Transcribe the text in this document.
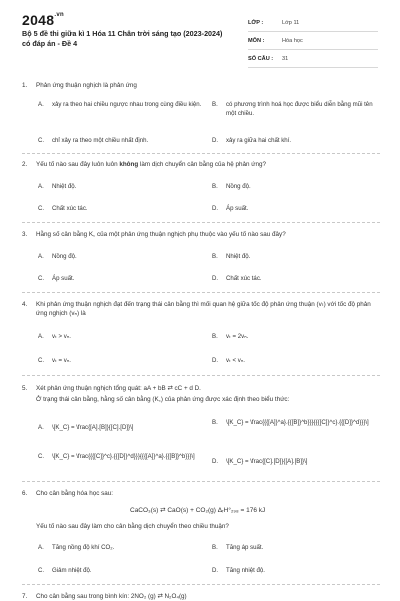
$2048^{.vn}$
Bộ 5 đề thi giữa kì 1 Hóa 11 Chân trời sáng tạo (2023-2024) có đáp án - Đề 4
LỚP :	Lớp 11
MÔN :	Hóa học
SỐ CÂU :	31
1.	Phản ứng thuận nghịch là phản ứng
A. xảy ra theo hai chiều ngược nhau trong cùng điều kiện. B. có phương trình hoá học được biểu diễn bằng mũi tên một chiều.
C. chỉ xảy ra theo một chiều nhất định.	D. xảy ra giữa hai chất khí.
2.	Yếu tố nào sau đây luôn luôn không làm dịch chuyển cân bằng của hệ phản ứng?
A. Nhiệt độ.	B. Nồng độ.
C. Chất xúc tác.	D. Áp suất.
3.	Hằng số cân bằng K꜀ của một phản ứng thuận nghịch phụ thuộc vào yếu tố nào sau đây?
A. Nồng độ.	B. Nhiệt độ.
C. Áp suất.	D. Chất xúc tác.
4.	Khi phản ứng thuận nghịch đạt đến trạng thái cân bằng thì mối quan hệ giữa tốc độ phản ứng thuận (vₜ) với tốc độ phản ứng nghịch (vₙ) là
A. vₜ > vₙ.	B. vₜ = 2vₙ.
C. vₜ = vₙ.	D. vₜ < vₙ.
5.	Xét phản ứng thuận nghịch tổng quát: aA + bB ⇄ cC + d D.
Ở trạng thái cân bằng, hằng số cân bằng (K꜀) của phản ứng được xác định theo biểu thức:
A. \[K_C} = \frac{[A].[B]}{[C].[D]}\]
B. \[K_C} = \frac{{{[A]}^a}.{{[B]}^b}}}{{{[C]}^c}.{{[D]}^d}}}\]
C. \[K_C} = \frac{{{[C]}^c}.{{[D]}^d}}}{{{[A]}^a}.{{[B]}^b}}}\]
D. \[K_C} = \frac{[C].[D]}{[A].[B]}\]
6.	Cho cân bằng hóa học sau:
CaCO₃(s) ⇄ CaO(s) + CO₂(g) ΔᵣH°₂₉₈ = 176 kJ
Yếu tố nào sau đây làm cho cân bằng dịch chuyển theo chiều thuận?
A. Tăng nồng độ khí CO₂.	B. Tăng áp suất.
C. Giảm nhiệt độ.	D. Tăng nhiệt độ.
7.	Cho cân bằng sau trong bình kín: 2NO₂ (g) ⇄ N₂O₄(g)
